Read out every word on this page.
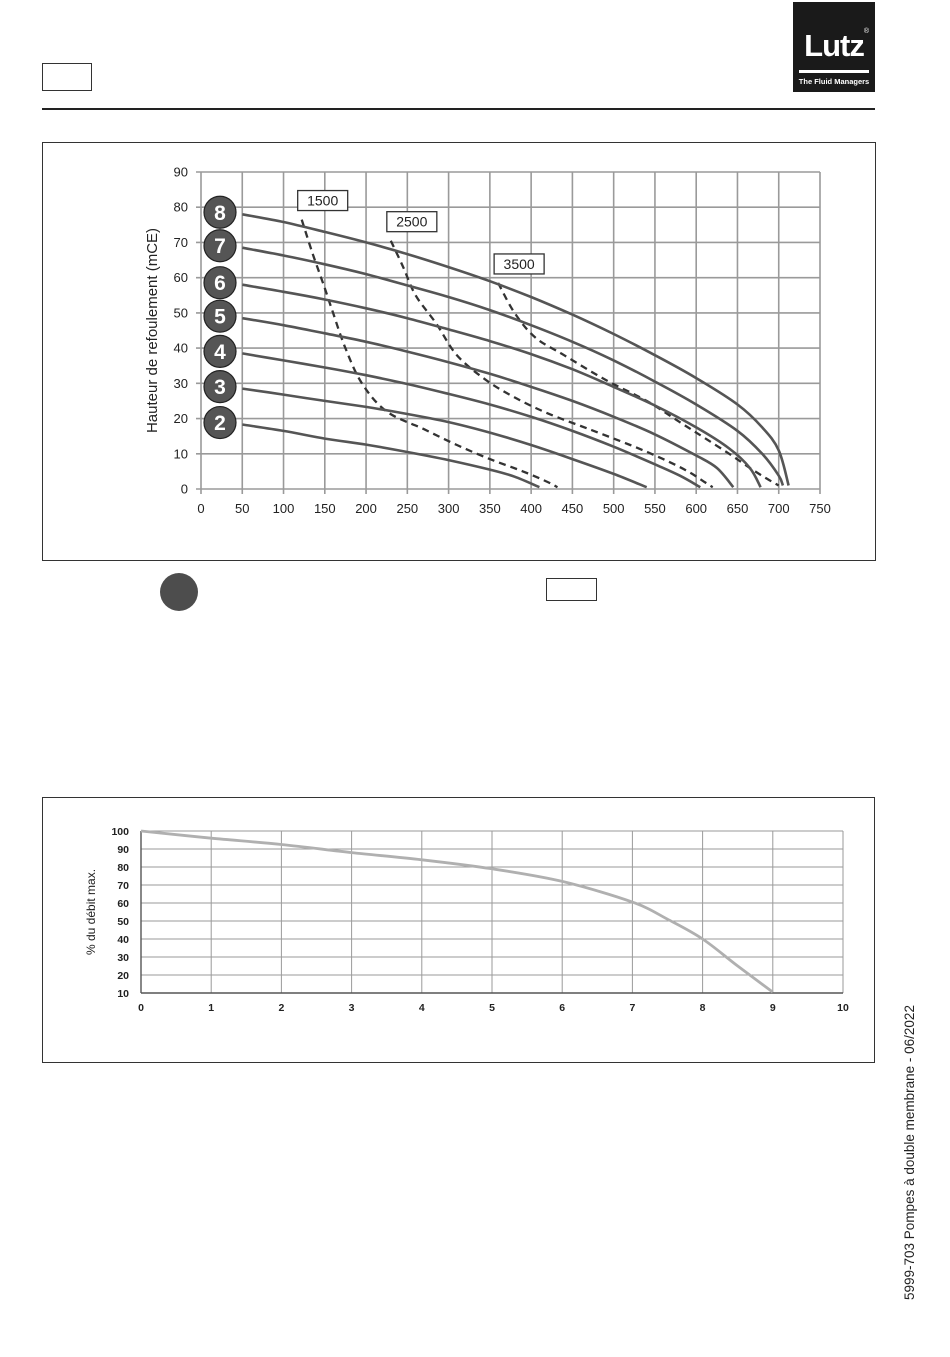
Lutz ®
The Fluid Managers
0 50 100 150 200 250 300 350 400 450 500 550 600 650 700 750
0
10
20
30
40
50
60
70
80
90
Hauteur de refoulement (mCE)	2
3
4
5
6
7
8
1500
2500
3500
10
20
30
40
50
60
70
80
90
100
0	1	2	3	4	5	6	7	8	9	10
% du débit max.
5999-703 Pompes à double membrane - 06/2022
